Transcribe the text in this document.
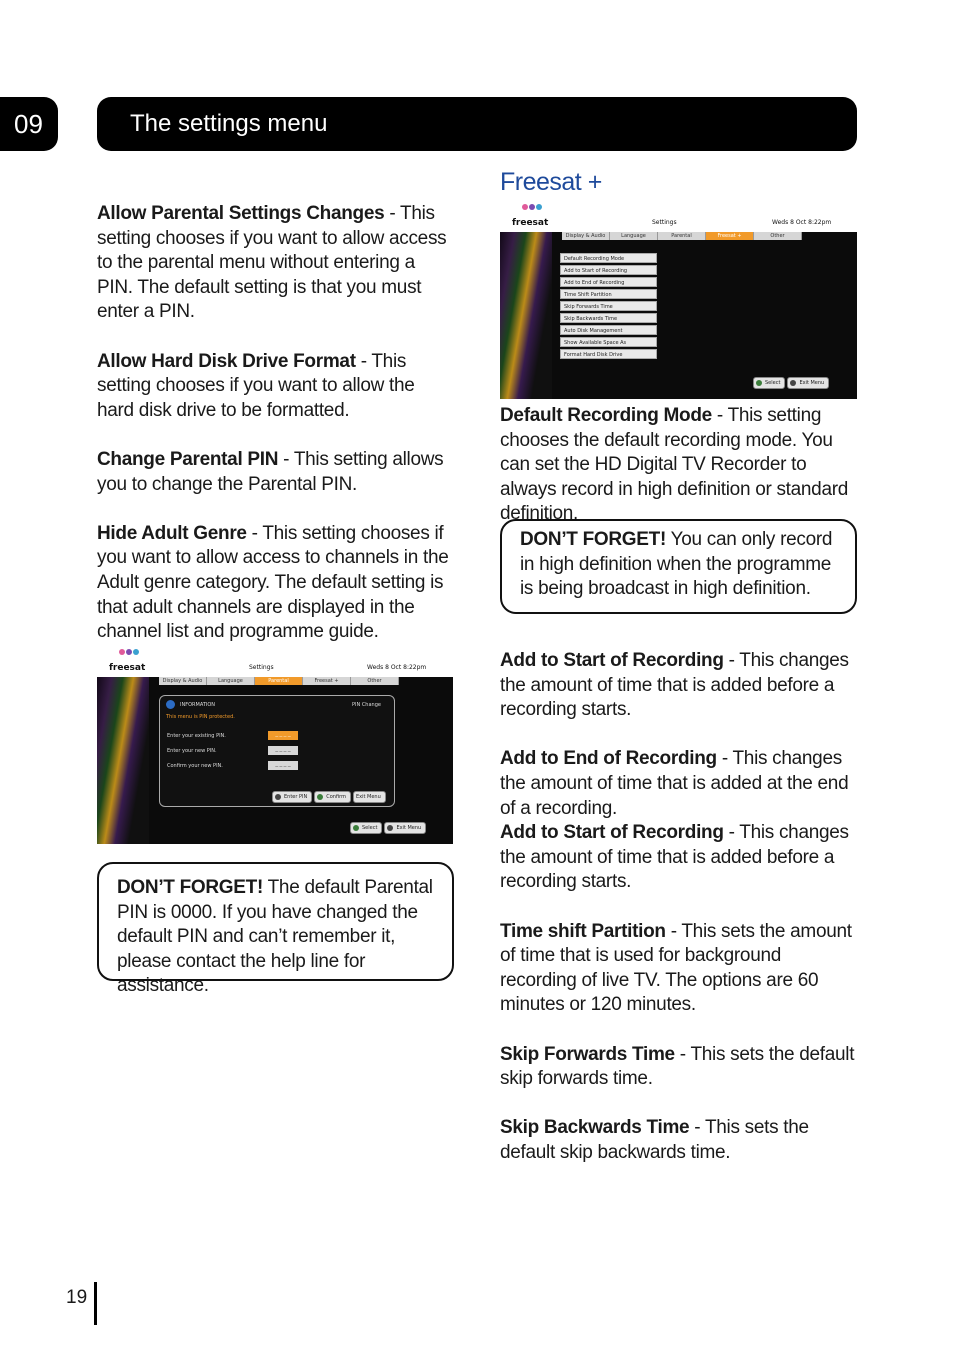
09	The settings menu

Allow Parental Settings Changes - This setting chooses if you want to allow access to the parental menu without entering a PIN. The default setting is that you must enter a PIN.

Allow Hard Disk Drive Format - This setting chooses if you want to allow the hard disk drive to be formatted.

Change Parental PIN - This setting allows you to change the Parental PIN.

Hide Adult Genre - This setting chooses if you want to allow access to channels in the Adult genre category. The default setting is that adult channels are displayed in the channel list and programme guide.

freesat	Settings	Weds 8 Oct 8:22pm
Display & Audio	Language	Parental	Freesat +	Other
INFORMATION	PIN Change
This menu is PIN protected.
Enter your existing PIN.	_ _ _ _
Enter your new PIN.	_ _ _ _
Confirm your new PIN.	_ _ _ _
Enter PIN	Confirm Exit Menu
Select	Exit Menu
DON’T FORGET! The default Parental PIN is 0000. If you have changed the default PIN and can’t remember it, please contact the help line for assistance.
Freesat +
freesat	Settings	Weds 8 Oct 8:22pm
Display & Audio	Language	Parental	Freesat +	Other
Default Recording Mode
Add to Start of Recording
Add to End of Recording
Time Shift Partition
Skip Forwards Time
Skip Backwards Time
Auto Disk Management
Show Available Space As
Format Hard Disk Drive
Select	Exit Menu

Default Recording Mode - This setting chooses the default recording mode. You can set the HD Digital TV Recorder to always record in high definition or standard definition.

DON’T FORGET! You can only record in high definition when the programme is being broadcast in high definition.

Add to Start of Recording - This changes the amount of time that is added before a recording starts.

Add to End of Recording - This changes the amount of time that is added at the end of a recording.

Add to Start of Recording - This changes the amount of time that is added before a recording starts.

Time shift Partition - This sets the amount of time that is used for background recording of live TV. The options are 60 minutes or 120 minutes.

Skip Forwards Time - This sets the default skip forwards time.

Skip Backwards Time - This sets the default skip backwards time.

19
